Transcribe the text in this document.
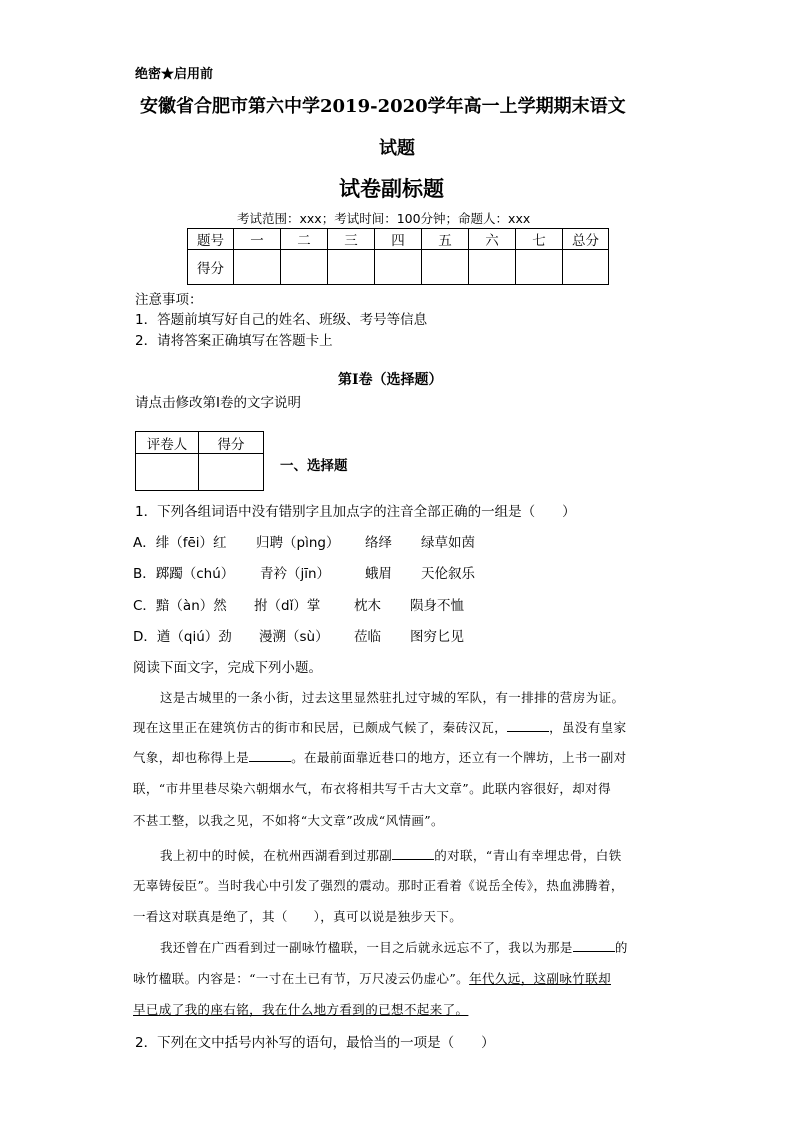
绝密★启用前
安徽省合肥市第六中学2019-2020学年高一上学期期末语文
试题
试卷副标题
考试范围：xxx；考试时间：100分钟；命题人：xxx
题号	一	二	三	四	五	六	七	总分
得分								
注意事项：
1．答题前填写好自己的姓名、班级、考号等信息
2．请将答案正确填写在答题卡上
第I卷（选择题）
请点击修改第I卷的文字说明
评卷人	得分

一、选择题
1．下列各组词语中没有错别字且加点字的注音全部正确的一组是（　　）
A．绯（fēi）红 归聘（pìng） 络绎 绿草如茵
B．踯躅（chú） 青衿（jīn）	蛾眉 天伦叙乐
C．黯（àn）然 拊（dǐ）掌 枕木 陨身不恤
D．遒（qiú）劲 漫溯（sù） 莅临 图穷匕见
阅读下面文字，完成下列小题。
这是古城里的一条小街，过去这里显然驻扎过守城的军队，有一排排的营房为证。
现在这里正在建筑仿古的街市和民居，已颇成气候了，秦砖汉瓦，	，虽没有皇家
气象，却也称得上是	。在最前面靠近巷口的地方，还立有一个牌坊，上书一副对
联，“市井里巷尽染六朝烟水气，布衣将相共写千古大文章”。此联内容很好，却对得
不甚工整，以我之见，不如将“大文章”改成“风情画”。
我上初中的时候，在杭州西湖看到过那副	的对联，“青山有幸埋忠骨，白铁
无辜铸佞臣”。当时我心中引发了强烈的震动。那时正看着《说岳全传》，热血沸腾着，
一看这对联真是绝了，其（　　），真可以说是独步天下。
我还曾在广西看到过一副咏竹楹联，一目之后就永远忘不了，我以为那是	的
咏竹楹联。内容是：“一寸在土已有节，万尺凌云仍虚心”。年代久远，这副咏竹联却
早已成了我的座右铭，我在什么地方看到的已想不起来了。
2．下列在文中括号内补写的语句，最恰当的一项是（　　）
